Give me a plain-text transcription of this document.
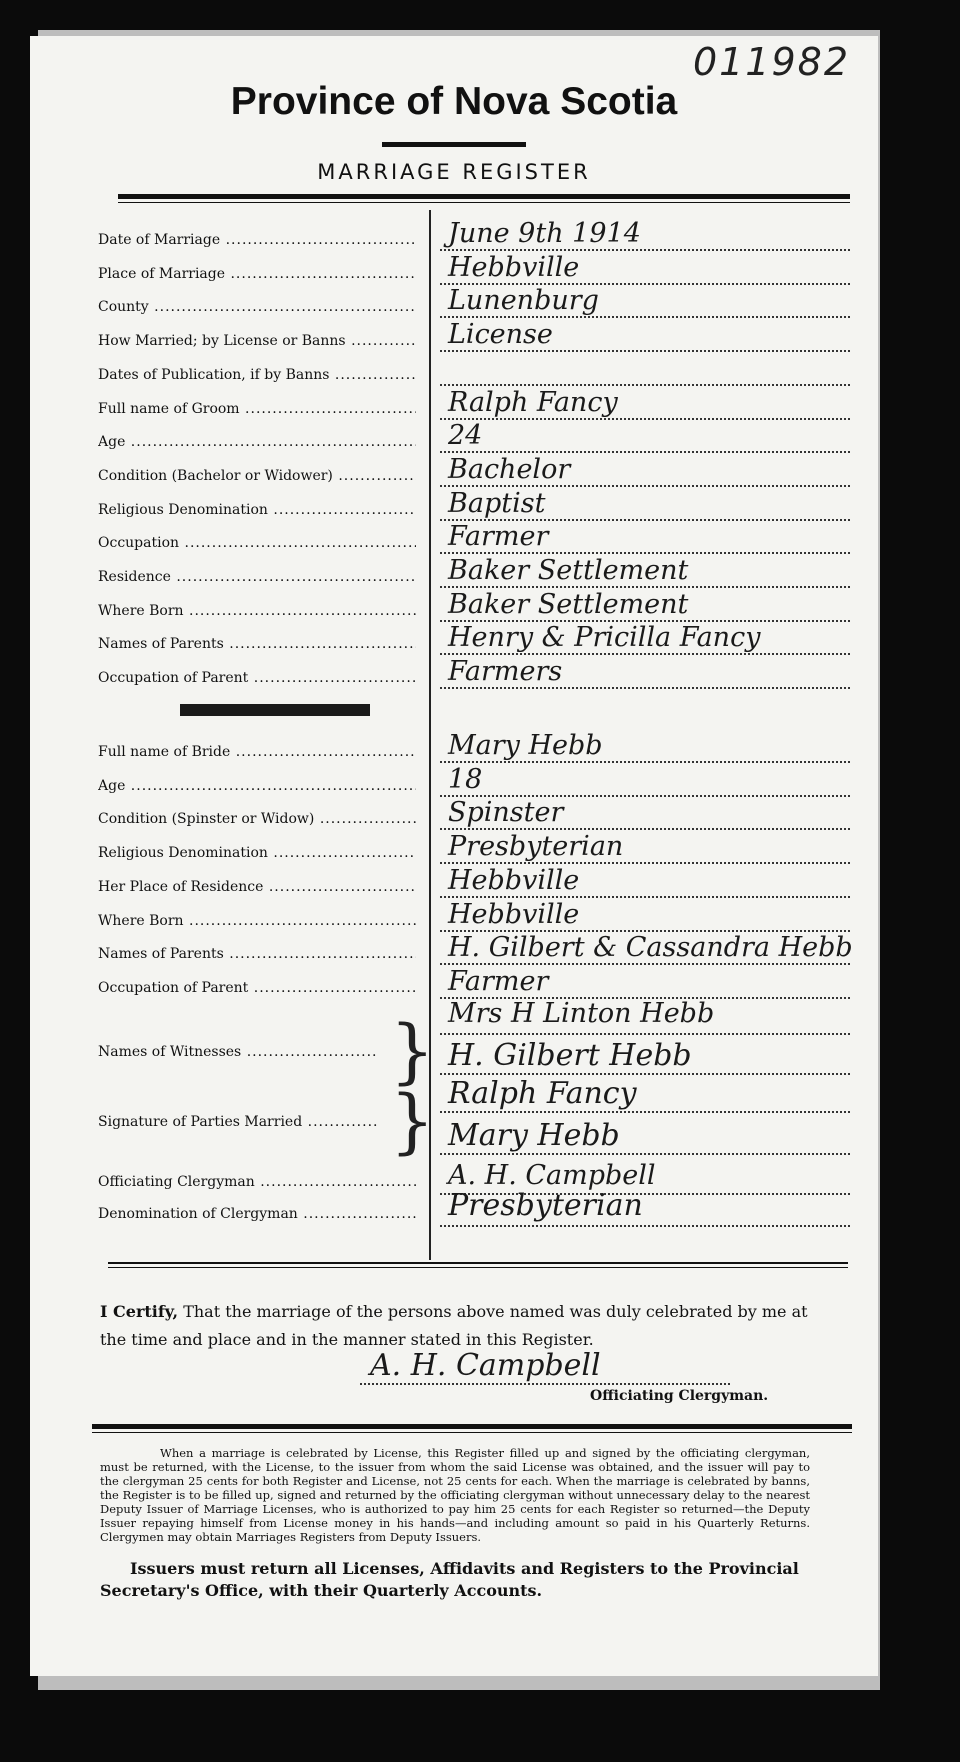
011982
Province of Nova Scotia
MARRIAGE REGISTER
Date of Marriage .....	June 9th 1914
Place of Marriage .....	Hebbville
County .....	Lunenburg
How Married; by License or Banns .....	License
Dates of Publication, if by Banns .....
Full name of Groom .....	Ralph Fancy
Age .....	24
Condition (Bachelor or Widower) .....	Bachelor
Religious Denomination .....	Baptist
Occupation .....	Farmer
Residence .....	Baker Settlement
Where Born .....	Baker Settlement
Names of Parents .....	Henry & Pricilla Fancy
Occupation of Parent .....	Farmers
Full name of Bride .....	Mary Hebb
Age .....	18
Condition (Spinster or Widow) .....	Spinster
Religious Denomination .....	Presbyterian
Her Place of Residence .....	Hebbville
Where Born .....	Hebbville
Names of Parents .....	H. Gilbert & Cassandra Hebb
Occupation of Parent .....	Farmer
Names of Witnesses .....	} Mrs H Linton Hebb
H. Gilbert Hebb
Signature of Parties Married .....	} Ralph Fancy
Mary Hebb
Officiating Clergyman .....	A. H. Campbell
Denomination of Clergyman .....	Presbyterian
I Certify, That the marriage of the persons above named was duly celebrated by me at the time and place and in the manner stated in this Register.
A. H. Campbell
Officiating Clergyman.
When a marriage is celebrated by License, this Register filled up and signed by the officiating clergyman, must be returned, with the License, to the issuer from whom the said License was obtained, and the issuer will pay to the clergyman 25 cents for both Register and License, not 25 cents for each. When the marriage is celebrated by banns, the Register is to be filled up, signed and returned by the officiating clergyman without unnecessary delay to the nearest Deputy Issuer of Marriage Licenses, who is authorized to pay him 25 cents for each Register so returned—the Deputy Issuer repaying himself from License money in his hands—and including amount so paid in his Quarterly Returns. Clergymen may obtain Marriages Registers from Deputy Issuers.
Issuers must return all Licenses, Affidavits and Registers to the Provincial Secretary's Office, with their Quarterly Accounts.
